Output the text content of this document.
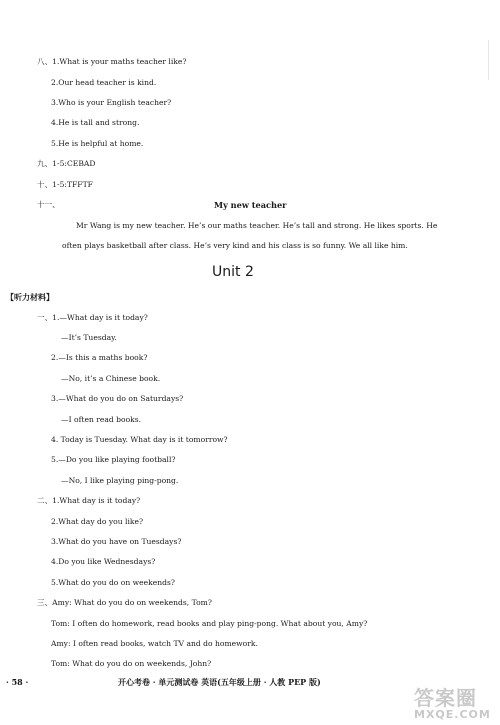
八、1.What is your maths teacher like?
2.Our head teacher is kind.
3.Who is your English teacher?
4.He is tall and strong.
5.He is helpful at home.
九、1-5:CEBAD
十、1-5:TFFTF
十一、	My new teacher
Mr Wang is my new teacher. He’s our maths teacher. He’s tall and strong. He likes sports. He
often plays basketball after class. He’s very kind and his class is so funny. We all like him.
Unit 2
【听力材料】
一、1.—What day is it today?
—It’s Tuesday.
2.—Is this a maths book?
—No, it’s a Chinese book.
3.—What do you do on Saturdays?
—I often read books.
4. Today is Tuesday. What day is it tomorrow?
5.—Do you like playing football?
—No, I like playing ping-pong.
二、1.What day is it today?
2.What day do you like?
3.What do you have on Tuesdays?
4.Do you like Wednesdays?
5.What do you do on weekends?
三、Amy: What do you do on weekends, Tom?
Tom: I often do homework, read books and play ping-pong. What about you, Amy?
Amy: I often read books, watch TV and do homework.
Tom: What do you do on weekends, John?
· 58 ·	开心考卷 · 单元测试卷 英语(五年级上册 · 人教 PEP 版)
答案圈
MXQE.COM
